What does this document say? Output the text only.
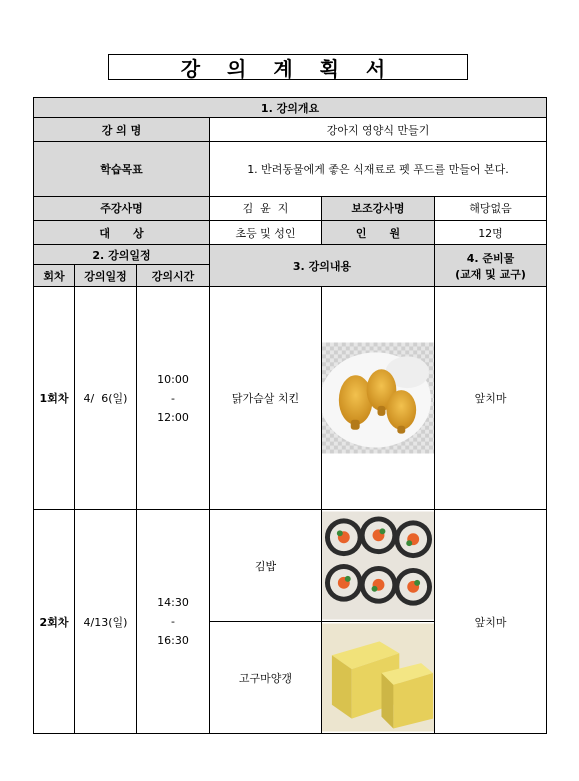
강 의 계 획 서
1. 강의개요					
강 의 명			강아지 영양식 만들기		
학습목표			1. 반려동물에게 좋은 식재료로 펫 푸드를 만들어 본다.		
주강사명			김  윤  지	보조강사명	해당없음
대      상			초등 및 성인	인      원	12명
2. 강의일정			3. 강의내용		4. 준비물
(교재 및 교구)

회차	강의일정	강의시간			
1회차	4/  6(일)	10:00
-
12:00	닭가슴살 치킨		앞치마
2회차	4/13(일)	14:30
-
16:30	김밥		앞치마
			고구마양갱	
